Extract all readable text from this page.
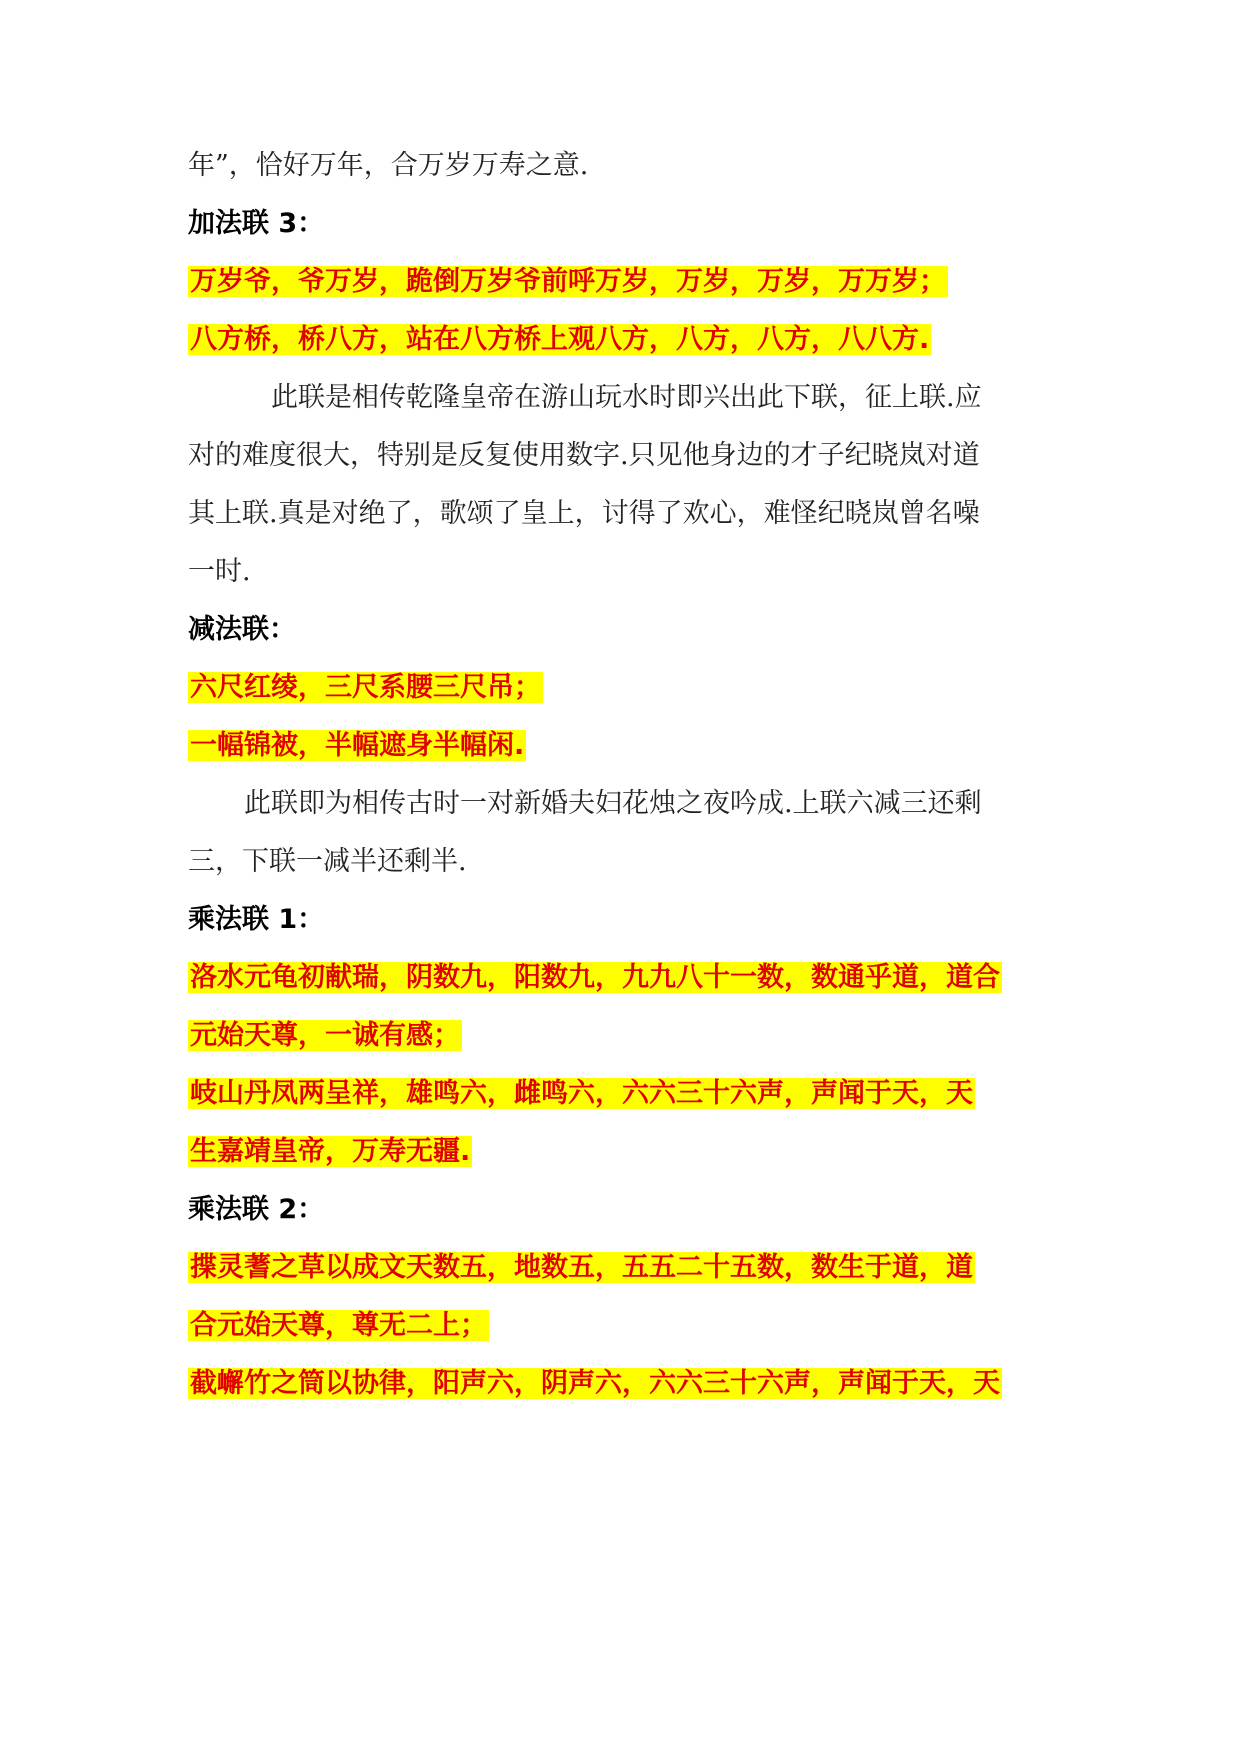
年”，恰好万年，合万岁万寿之意.
加法联 3：
万岁爷，爷万岁，跪倒万岁爷前呼万岁，万岁，万岁，万万岁；
八方桥，桥八方，站在八方桥上观八方，八方，八方，八八方.
此联是相传乾隆皇帝在游山玩水时即兴出此下联，征上联.应
对的难度很大，特别是反复使用数字.只见他身边的才子纪晓岚对道
其上联.真是对绝了，歌颂了皇上，讨得了欢心，难怪纪晓岚曾名噪
一时.
减法联：
六尺红绫，三尺系腰三尺吊；
一幅锦被，半幅遮身半幅闲.
此联即为相传古时一对新婚夫妇花烛之夜吟成.上联六减三还剩
三，下联一减半还剩半.
乘法联 1：
洛水元龟初献瑞，阴数九，阳数九，九九八十一数，数通乎道，道合
元始天尊，一诚有感；
岐山丹凤两呈祥，雄鸣六，雌鸣六，六六三十六声，声闻于天，天
生嘉靖皇帝，万寿无疆.
乘法联 2：
揲灵蓍之草以成文天数五，地数五，五五二十五数，数生于道，道
合元始天尊，尊无二上；
截嶰竹之筒以协律，阳声六，阴声六，六六三十六声，声闻于天，天
